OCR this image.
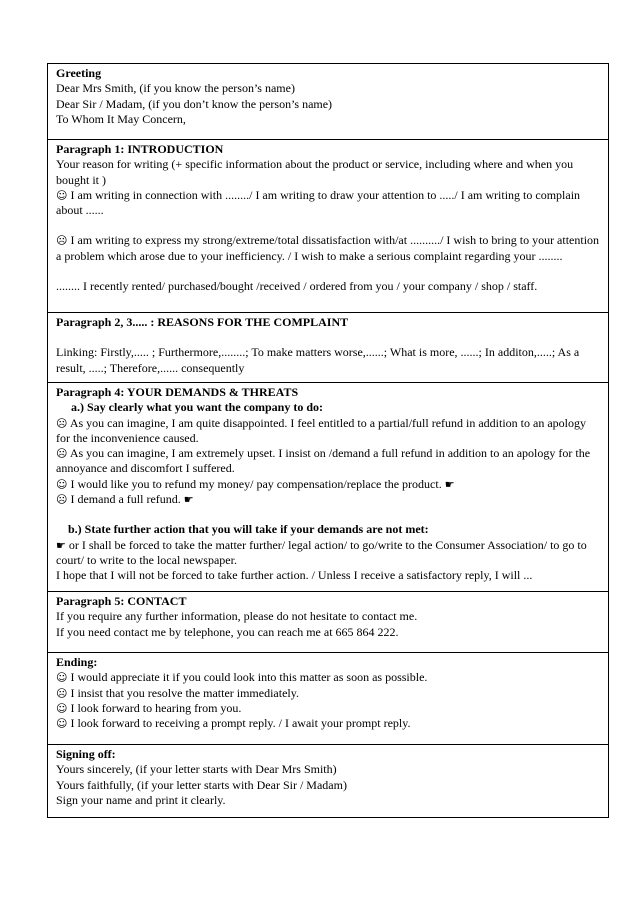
Greeting
Dear Mrs Smith, (if you know the person’s name)
Dear Sir / Madam, (if you don’t know the person’s name)
To Whom It May Concern,
Paragraph 1: INTRODUCTION
Your reason for writing (+ specific information about the product or service, including where and when you bought it )
☺ I am writing in connection with ......../ I am writing to draw your attention to ...../ I am writing to complain about ......
☹ I am writing to express my strong/extreme/total dissatisfaction with/at ........../ I wish to bring to your attention a problem which arose due to your inefficiency. / I wish to make a serious complaint regarding your ........
........ I recently rented/ purchased/bought /received / ordered from you / your company / shop / staff.
Paragraph 2, 3..... : REASONS FOR THE COMPLAINT
Linking: Firstly,..... ; Furthermore,........; To make matters worse,......; What is more, ......; In additon,.....; As a result, .....; Therefore,...... consequently
Paragraph 4: YOUR DEMANDS & THREATS
a.) Say clearly what you want the company to do:
☹ As you can imagine, I am quite disappointed. I feel entitled to a partial/full refund in addition to an apology for the inconvenience caused.
☹ As you can imagine, I am extremely upset. I insist on /demand a full refund in addition to an apology for the annoyance and discomfort I suffered.
☺ I would like you to refund my money/ pay compensation/replace the product. ☛
☹ I demand a full refund. ☛
b.) State further action that you will take if your demands are not met:
☛ or I shall be forced to take the matter further/ legal action/ to go/write to the Consumer Association/ to go to court/ to write to the local newspaper.
I hope that I will not be forced to take further action. / Unless I receive a satisfactory reply, I will ...
Paragraph 5: CONTACT
If you require any further information, please do not hesitate to contact me.
If you need contact me by telephone, you can reach me at 665 864 222.
Ending:
☺ I would appreciate it if you could look into this matter as soon as possible.
☹ I insist that you resolve the matter immediately.
☺ I look forward to hearing from you.
☺ I look forward to receiving a prompt reply. / I await your prompt reply.
Signing off:
Yours sincerely, (if your letter starts with Dear Mrs Smith)
Yours faithfully, (if your letter starts with Dear Sir / Madam)
Sign your name and print it clearly.
